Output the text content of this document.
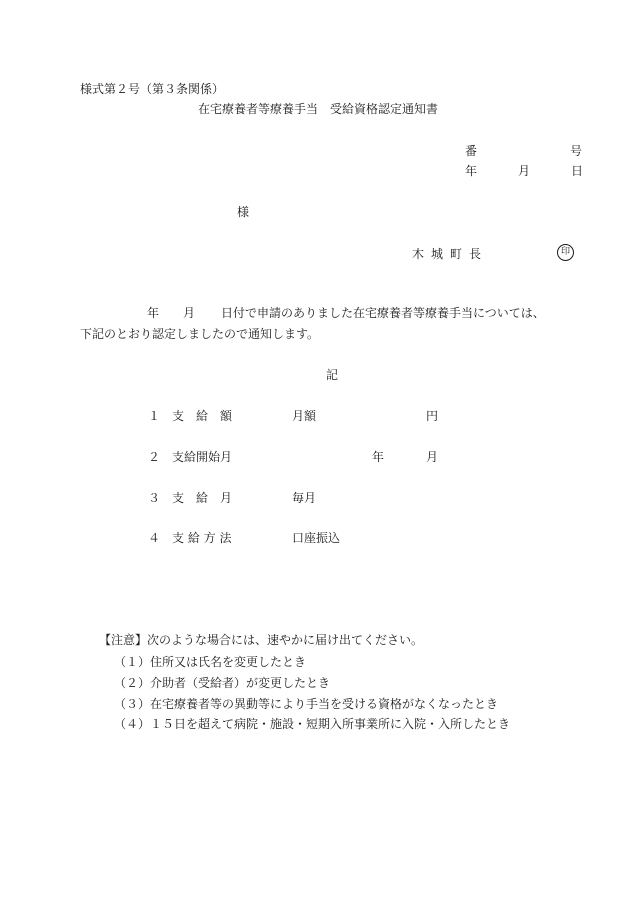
様式第２号（第３条関係）
在宅療養者等療養手当　受給資格認定通知書
番	号
年	月	日
様
木 城 町 長	印
年 月 日付で申請のありました在宅療養者等療養手当については、
下記のとおり認定しましたので通知します。
記
１ 支 給 額	月額	円
２ 支給開始月	年	月
３ 支 給 月	毎月
４ 支 給 方 法	口座振込
【注意】次のような場合には、速やかに届け出てください。
（１）住所又は氏名を変更したとき
（２）介助者（受給者）が変更したとき
（３）在宅療養者等の異動等により手当を受ける資格がなくなったとき
（４）１５日を超えて病院・施設・短期入所事業所に入院・入所したとき
